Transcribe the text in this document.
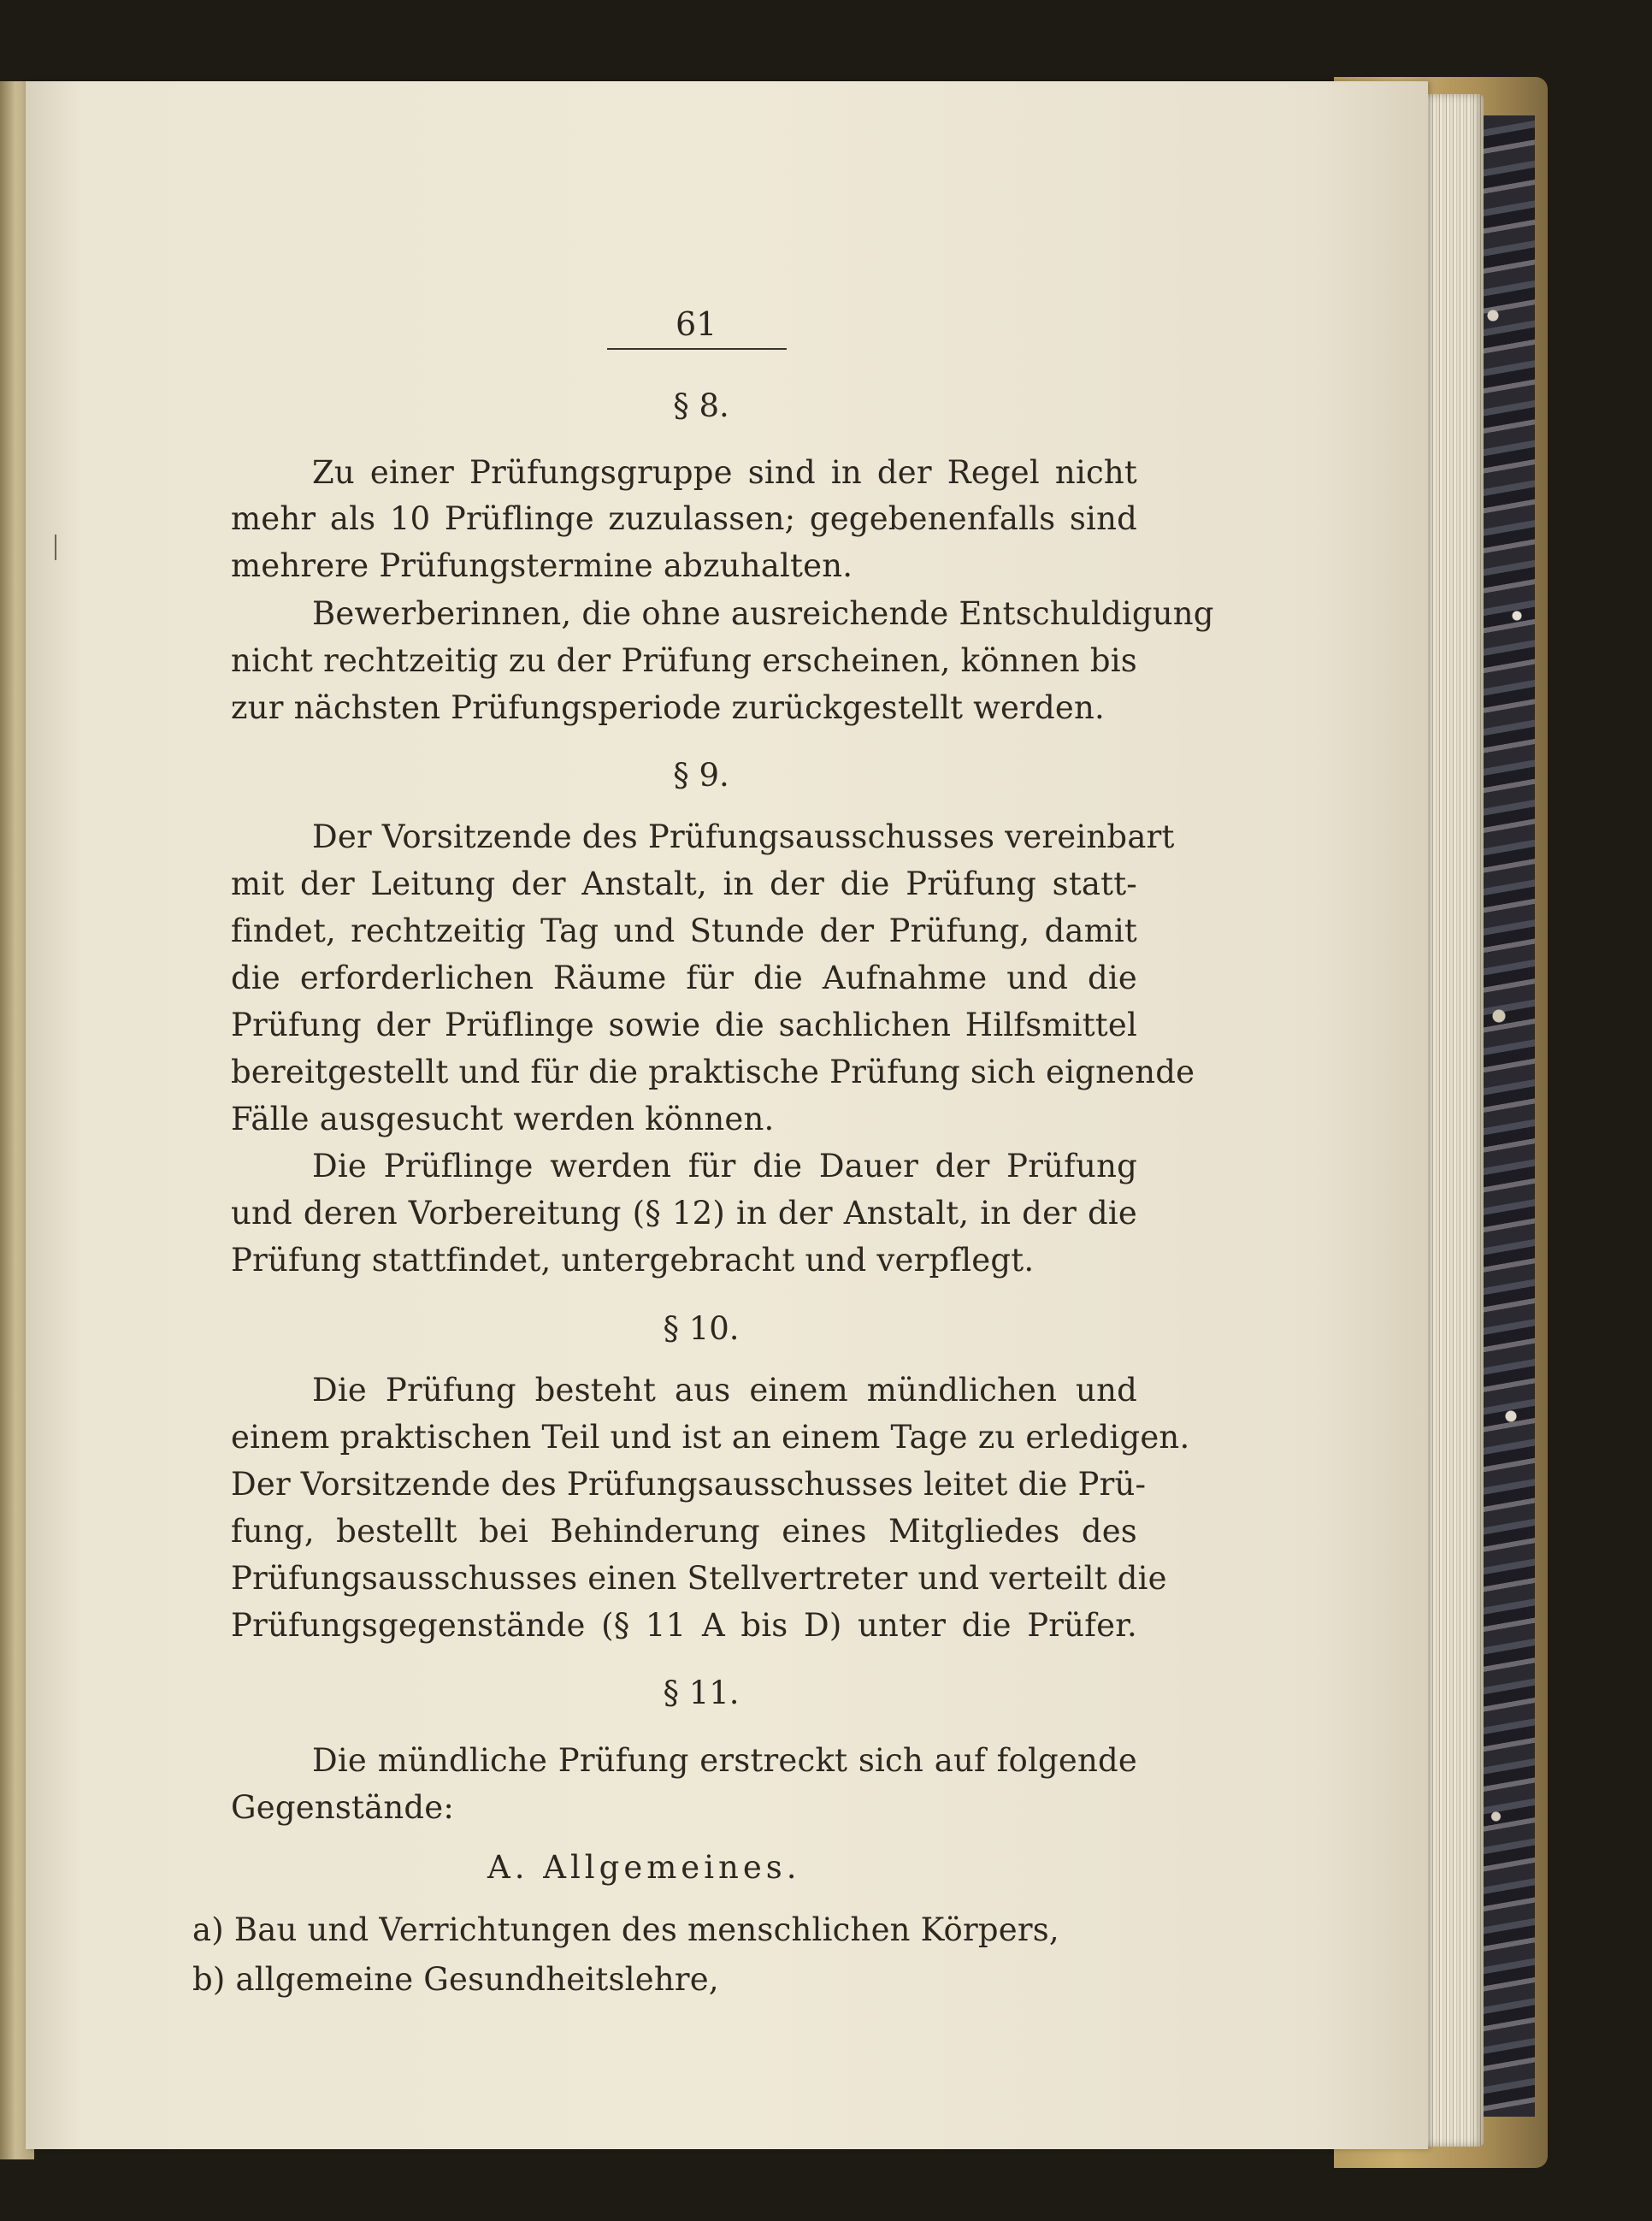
61
§ 8.
Zu einer Prüfungsgruppe sind in der Regel nicht
mehr als 10 Prüflinge zuzulassen; gegebenenfalls sind
mehrere Prüfungstermine abzuhalten.
Bewerberinnen, die ohne ausreichende Entschuldigung
nicht rechtzeitig zu der Prüfung erscheinen, können bis
zur nächsten Prüfungsperiode zurückgestellt werden.
§ 9.
Der Vorsitzende des Prüfungsausschusses vereinbart
mit der Leitung der Anstalt, in der die Prüfung statt-
findet, rechtzeitig Tag und Stunde der Prüfung, damit
die erforderlichen Räume für die Aufnahme und die
Prüfung der Prüflinge sowie die sachlichen Hilfsmittel
bereitgestellt und für die praktische Prüfung sich eignende
Fälle ausgesucht werden können.
Die Prüflinge werden für die Dauer der Prüfung
und deren Vorbereitung (§ 12) in der Anstalt, in der die
Prüfung stattfindet, untergebracht und verpflegt.
§ 10.
Die Prüfung besteht aus einem mündlichen und
einem praktischen Teil und ist an einem Tage zu erledigen.
Der Vorsitzende des Prüfungsausschusses leitet die Prü-
fung, bestellt bei Behinderung eines Mitgliedes des
Prüfungsausschusses einen Stellvertreter und verteilt die
Prüfungsgegenstände (§ 11 A bis D) unter die Prüfer.
§ 11.
Die mündliche Prüfung erstreckt sich auf folgende
Gegenstände:
A. Allgemeines.
a) Bau und Verrichtungen des menschlichen Körpers,
b) allgemeine Gesundheitslehre,
